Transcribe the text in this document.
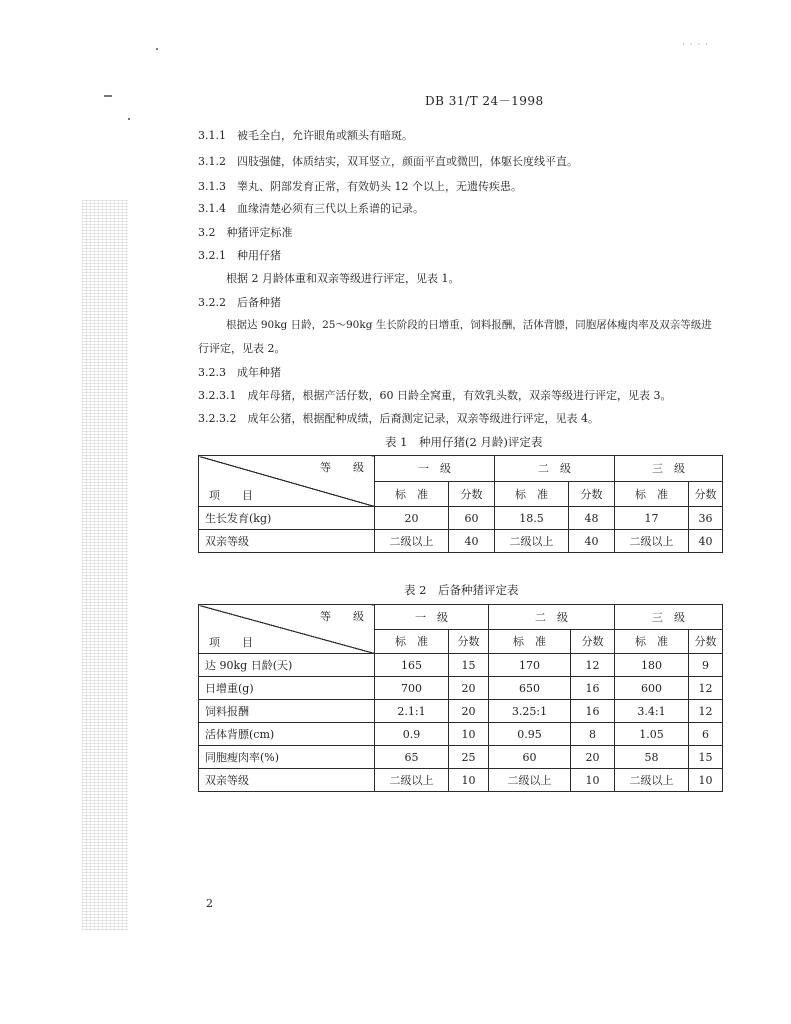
· · · ·
DB 31/T 24－1998
3.1.1　被毛全白，允许眼角或额头有暗斑。
3.1.2　四肢强健，体质结实，双耳竖立，颜面平直或微凹，体躯长度线平直。
3.1.3　睾丸、阴部发育正常，有效奶头 12 个以上，无遗传疾患。
3.1.4　血缘清楚必须有三代以上系谱的记录。
3.2　种猪评定标准
3.2.1　种用仔猪
根据 2 月龄体重和双亲等级进行评定，见表 1。
3.2.2　后备种猪
根据达 90kg 日龄，25～90kg 生长阶段的日增重，饲料报酬，活体背膘，同胞屠体瘦肉率及双亲等级进
行评定，见表 2。
3.2.3　成年种猪
3.2.3.1　成年母猪，根据产活仔数，60 日龄全窝重，有效乳头数，双亲等级进行评定，见表 3。
3.2.3.2　成年公猪，根据配种成绩，后裔测定记录，双亲等级进行评定，见表 4。
表 1　种用仔猪(2 月龄)评定表
等　　级
项　　目	一　级		二　级		三　级	
	标　准	分数	标　准	分数	标　准	分数
生长发育(kg)	20	60	18.5	48	17	36
双亲等级	二级以上	40	二级以上	40	二级以上	40
表 2　后备种猪评定表
等　　级
项　　目	一　级		二　级		三　级	
	标　准	分数	标　准	分数	标　准	分数
达 90kg 日龄(天)	165	15	170	12	180	9
日增重(g)	700	20	650	16	600	12
饲料报酬	2.1:1	20	3.25:1	16	3.4:1	12
活体背膘(cm)	0.9	10	0.95	8	1.05	6
同胞瘦肉率(%)	65	25	60	20	58	15
双亲等级	二级以上	10	二级以上	10	二级以上	10
2
